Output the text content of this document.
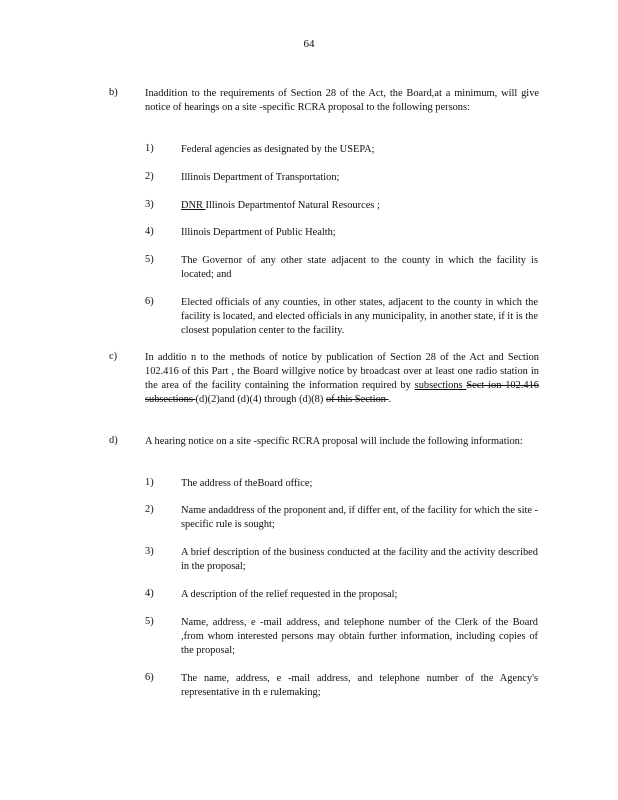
64
b)	Inaddition to the requirements of Section 28 of the Act, the Board,at a minimum, will give notice of hearings on a site -specific RCRA proposal to the following persons:
1)	Federal agencies as designated by the USEPA;
2)	Illinois Department of Transportation;
3)	DNR Illinois Departmentof Natural Resources ;
4)	Illinois Department of Public Health;
5)	The Governor of any other state adjacent to the county in which the facility is located; and
6)	Elected officials of any counties, in other states, adjacent to the county in which the facility is located, and elected officials in any municipality, in another state, if it is the closest population center to the facility.
c)	In additio n to the methods of notice by publication of Section 28 of the Act and Section 102.416 of this Part , the Board willgive notice by broadcast over at least one radio station in the area of the facility containing the information required by subsections Sect ion 102.416 subsections (d)(2)and (d)(4) through (d)(8) of this Section .
d)	A hearing notice on a site -specific RCRA proposal will include the following information:
1)	The address of theBoard office;
2)	Name andaddress of the proponent and, if differ ent, of the facility for which the site -specific rule is sought;
3)	A brief description of the business conducted at the facility and the activity described in the proposal;
4)	A description of the relief requested in the proposal;
5)	Name, address, e -mail address, and telephone number of the Clerk of the Board ,from whom interested persons may obtain further information, including copies of the proposal;
6)	The name, address, e -mail address, and telephone number of the Agency's representative in th e rulemaking;
